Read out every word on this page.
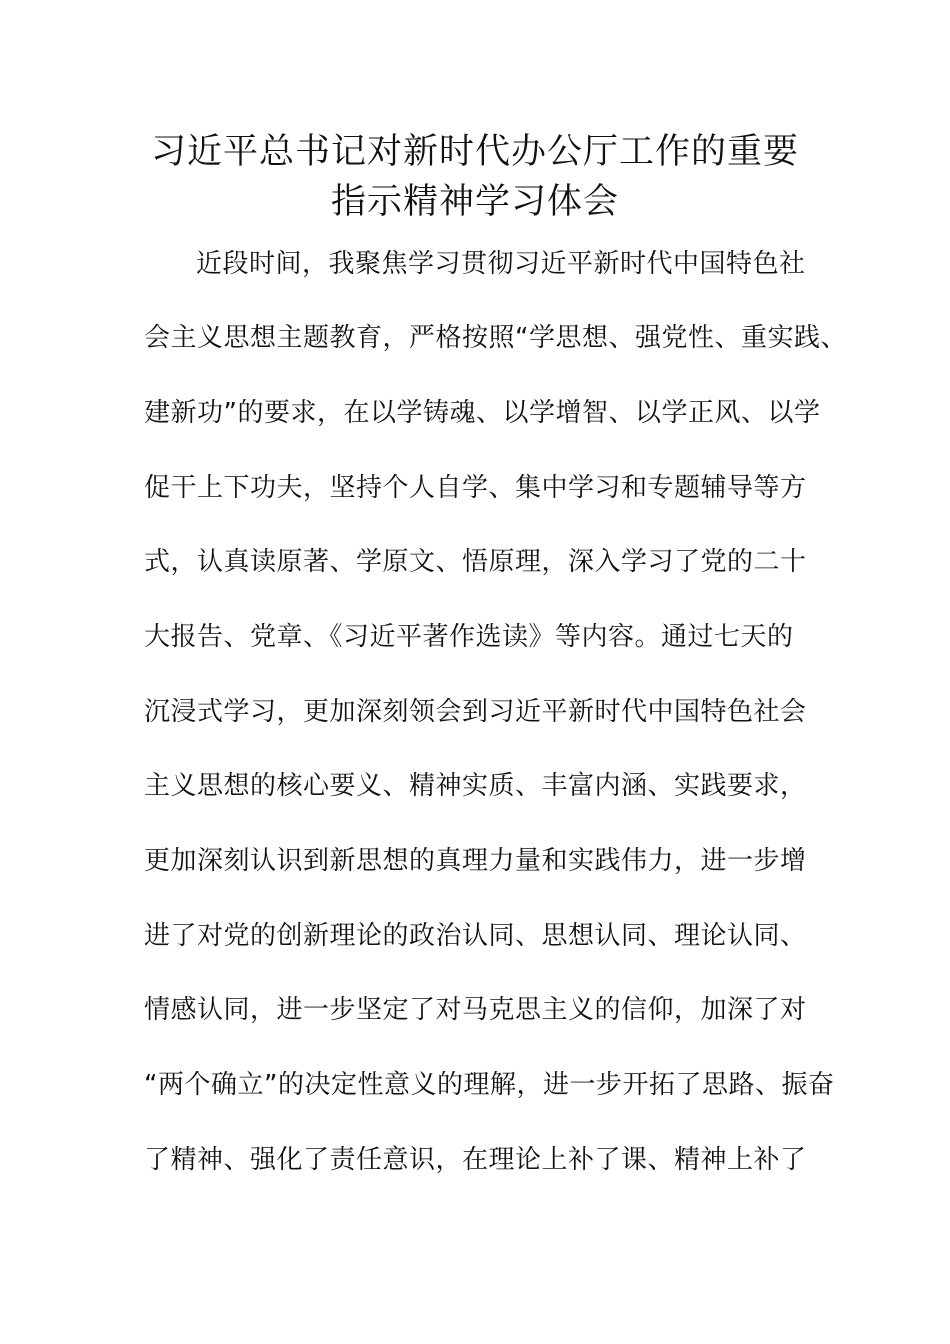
习近平总书记对新时代办公厅工作的重要
指示精神学习体会

近段时间，我聚焦学习贯彻习近平新时代中国特色社

会主义思想主题教育，严格按照“学思想、强党性、重实践、

建新功”的要求，在以学铸魂、以学增智、以学正风、以学

促干上下功夫，坚持个人自学、集中学习和专题辅导等方

式，认真读原著、学原文、悟原理，深入学习了党的二十

大报告、党章、《习近平著作选读》等内容。通过七天的

沉浸式学习，更加深刻领会到习近平新时代中国特色社会

主义思想的核心要义、精神实质、丰富内涵、实践要求，

更加深刻认识到新思想的真理力量和实践伟力，进一步增

进了对党的创新理论的政治认同、思想认同、理论认同、

情感认同，进一步坚定了对马克思主义的信仰，加深了对

“两个确立”的决定性意义的理解，进一步开拓了思路、振奋

了精神、强化了责任意识，在理论上补了课、精神上补了
